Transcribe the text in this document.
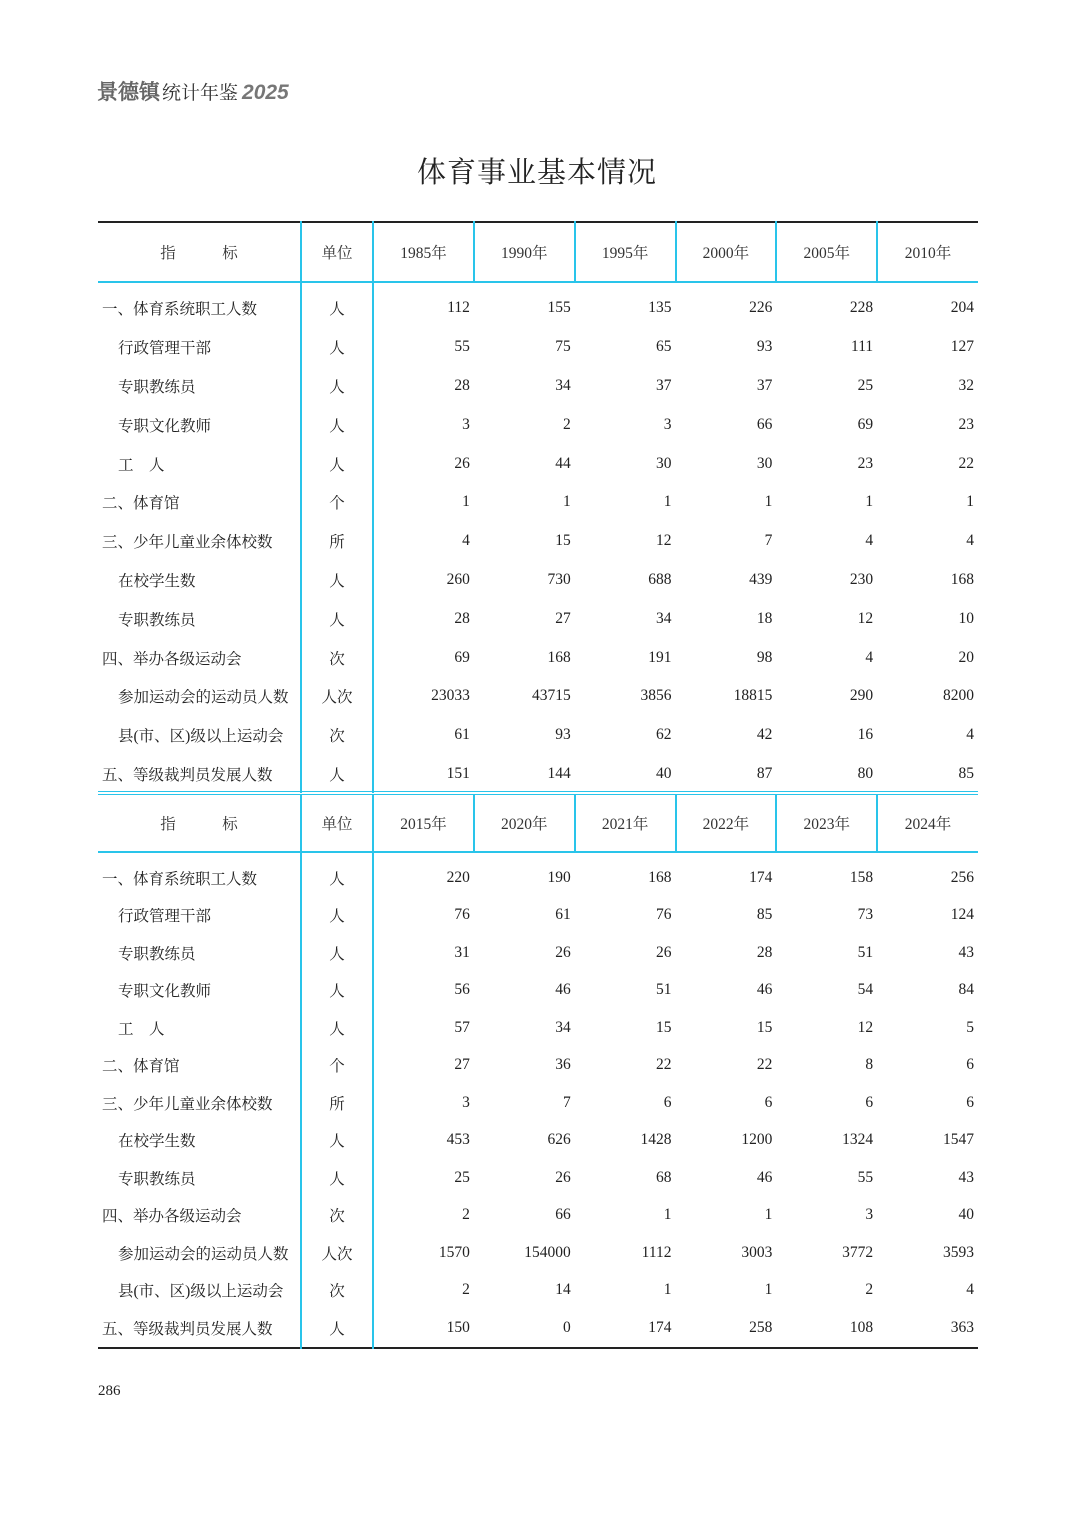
景德镇 统计年鉴 2025
体育事业基本情况
指　　　标	单位	1985年	1990年	1995年	2000年	2005年	2010年
一、体育系统职工人数	人	112	155	135	226	228	204
行政管理干部	人	55	75	65	93	111	127
专职教练员	人	28	34	37	37	25	32
专职文化教师	人	3	2	3	66	69	23
工　人	人	26	44	30	30	23	22
二、体育馆	个	1	1	1	1	1	1
三、少年儿童业余体校数	所	4	15	12	7	4	4
在校学生数	人	260	730	688	439	230	168
专职教练员	人	28	27	34	18	12	10
四、举办各级运动会	次	69	168	191	98	4	20
参加运动会的运动员人数	人次	23033	43715	3856	18815	290	8200
县(市、区)级以上运动会	次	61	93	62	42	16	4
五、等级裁判员发展人数	人	151	144	40	87	80	85
指　　　标	单位	2015年	2020年	2021年	2022年	2023年	2024年
一、体育系统职工人数	人	220	190	168	174	158	256
行政管理干部	人	76	61	76	85	73	124
专职教练员	人	31	26	26	28	51	43
专职文化教师	人	56	46	51	46	54	84
工　人	人	57	34	15	15	12	5
二、体育馆	个	27	36	22	22	8	6
三、少年儿童业余体校数	所	3	7	6	6	6	6
在校学生数	人	453	626	1428	1200	1324	1547
专职教练员	人	25	26	68	46	55	43
四、举办各级运动会	次	2	66	1	1	3	40
参加运动会的运动员人数	人次	1570	154000	1112	3003	3772	3593
县(市、区)级以上运动会	次	2	14	1	1	2	4
五、等级裁判员发展人数	人	150	0	174	258	108	363
286
